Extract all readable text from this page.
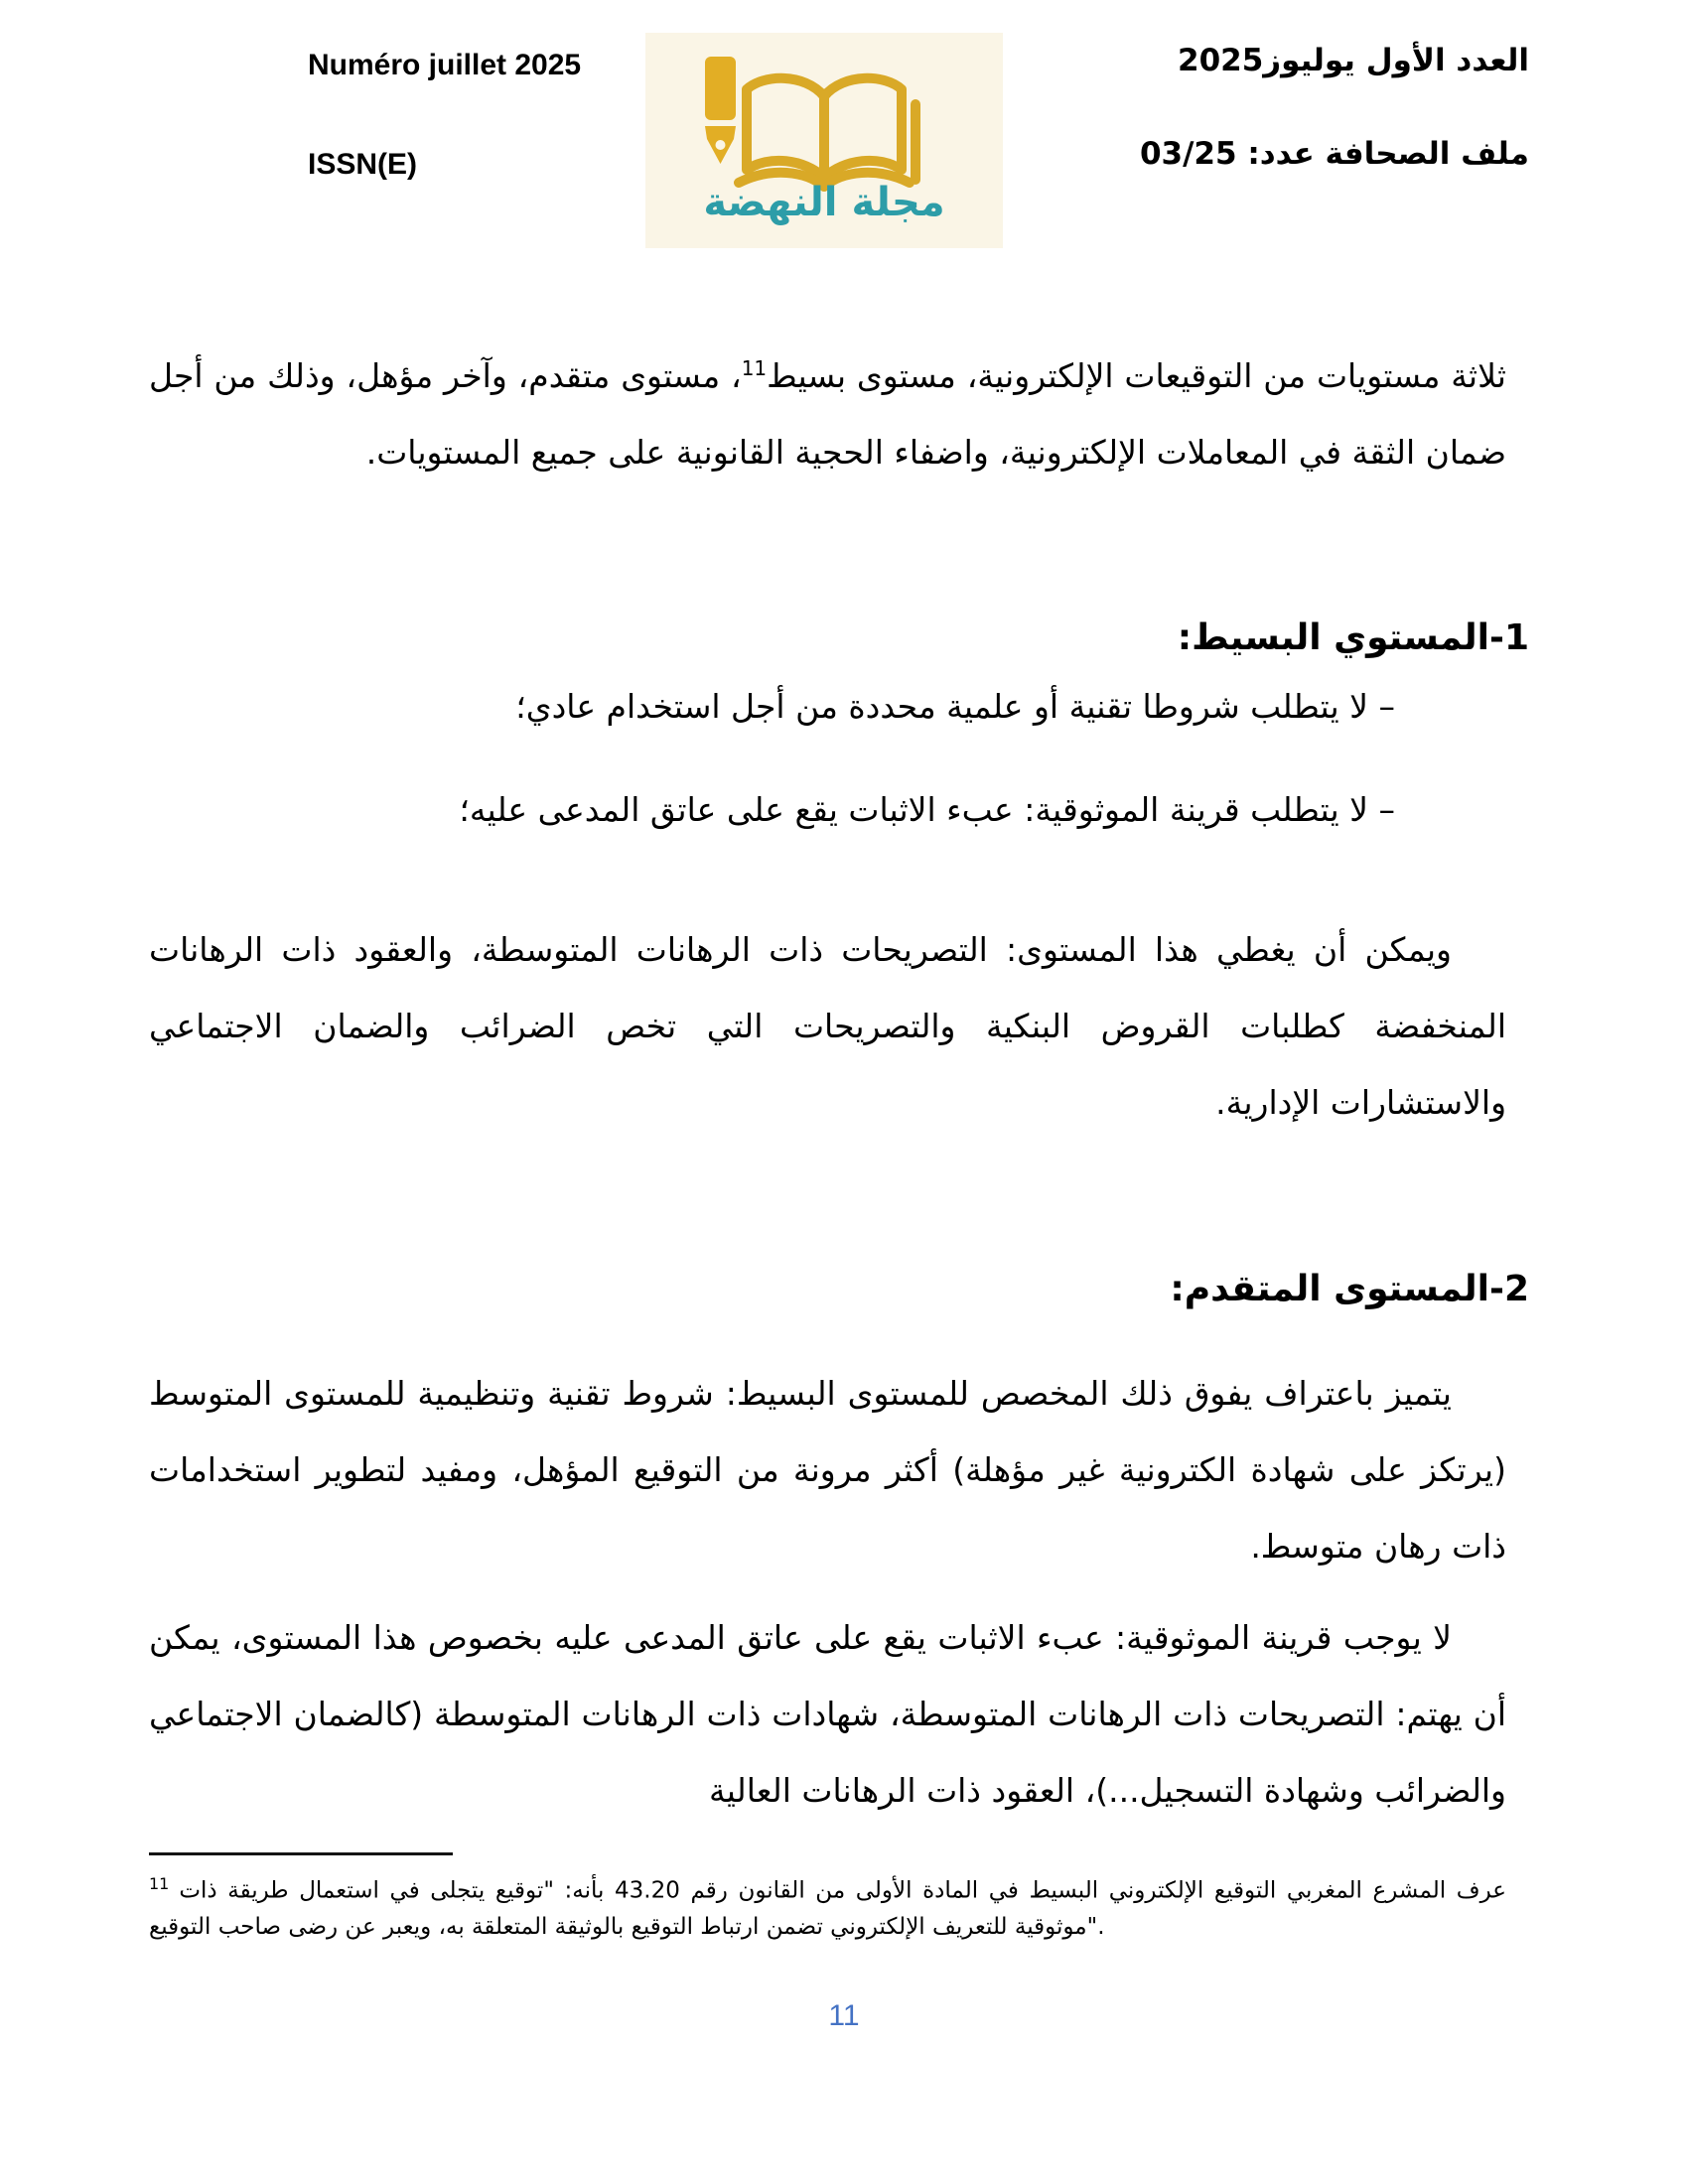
Numéro juillet 2025
ISSN(E)
مجلة النهضة
العدد الأول يوليوز2025
ملف الصحافة عدد: 03/25

ثلاثة مستويات من التوقيعات الإلكترونية، مستوى بسيط$^{11}$، مستوى متقدم، وآخر مؤهل، وذلك من أجل ضمان الثقة في المعاملات الإلكترونية، واضفاء الحجية القانونية على جميع المستويات.

1-المستوي البسيط:
– لا يتطلب شروطا تقنية أو علمية محددة من أجل استخدام عادي؛
– لا يتطلب قرينة الموثوقية: عبء الاثبات يقع على عاتق المدعى عليه؛

ويمكن أن يغطي هذا المستوى: التصريحات ذات الرهانات المتوسطة، والعقود ذات الرهانات المنخفضة كطلبات القروض البنكية والتصريحات التي تخص الضرائب والضمان الاجتماعي والاستشارات الإدارية.

2-المستوى المتقدم:

يتميز باعتراف يفوق ذلك المخصص للمستوى البسيط: شروط تقنية وتنظيمية للمستوى المتوسط (يرتكز على شهادة الكترونية غير مؤهلة) أكثر مرونة من التوقيع المؤهل، ومفيد لتطوير استخدامات ذات رهان متوسط.

لا يوجب قرينة الموثوقية: عبء الاثبات يقع على عاتق المدعى عليه بخصوص هذا المستوى، يمكن أن يهتم: التصريحات ذات الرهانات المتوسطة، شهادات ذات الرهانات المتوسطة (كالضمان الاجتماعي والضرائب وشهادة التسجيل...)، العقود ذات الرهانات العالية

$^{11}$ عرف المشرع المغربي التوقيع الإلكتروني البسيط في المادة الأولى من القانون رقم 43.20 بأنه: "توقيع يتجلى في استعمال طريقة ذات موثوقية للتعريف الإلكتروني تضمن ارتباط التوقيع بالوثيقة المتعلقة به، ويعبر عن رضى صاحب التوقيع".
11
